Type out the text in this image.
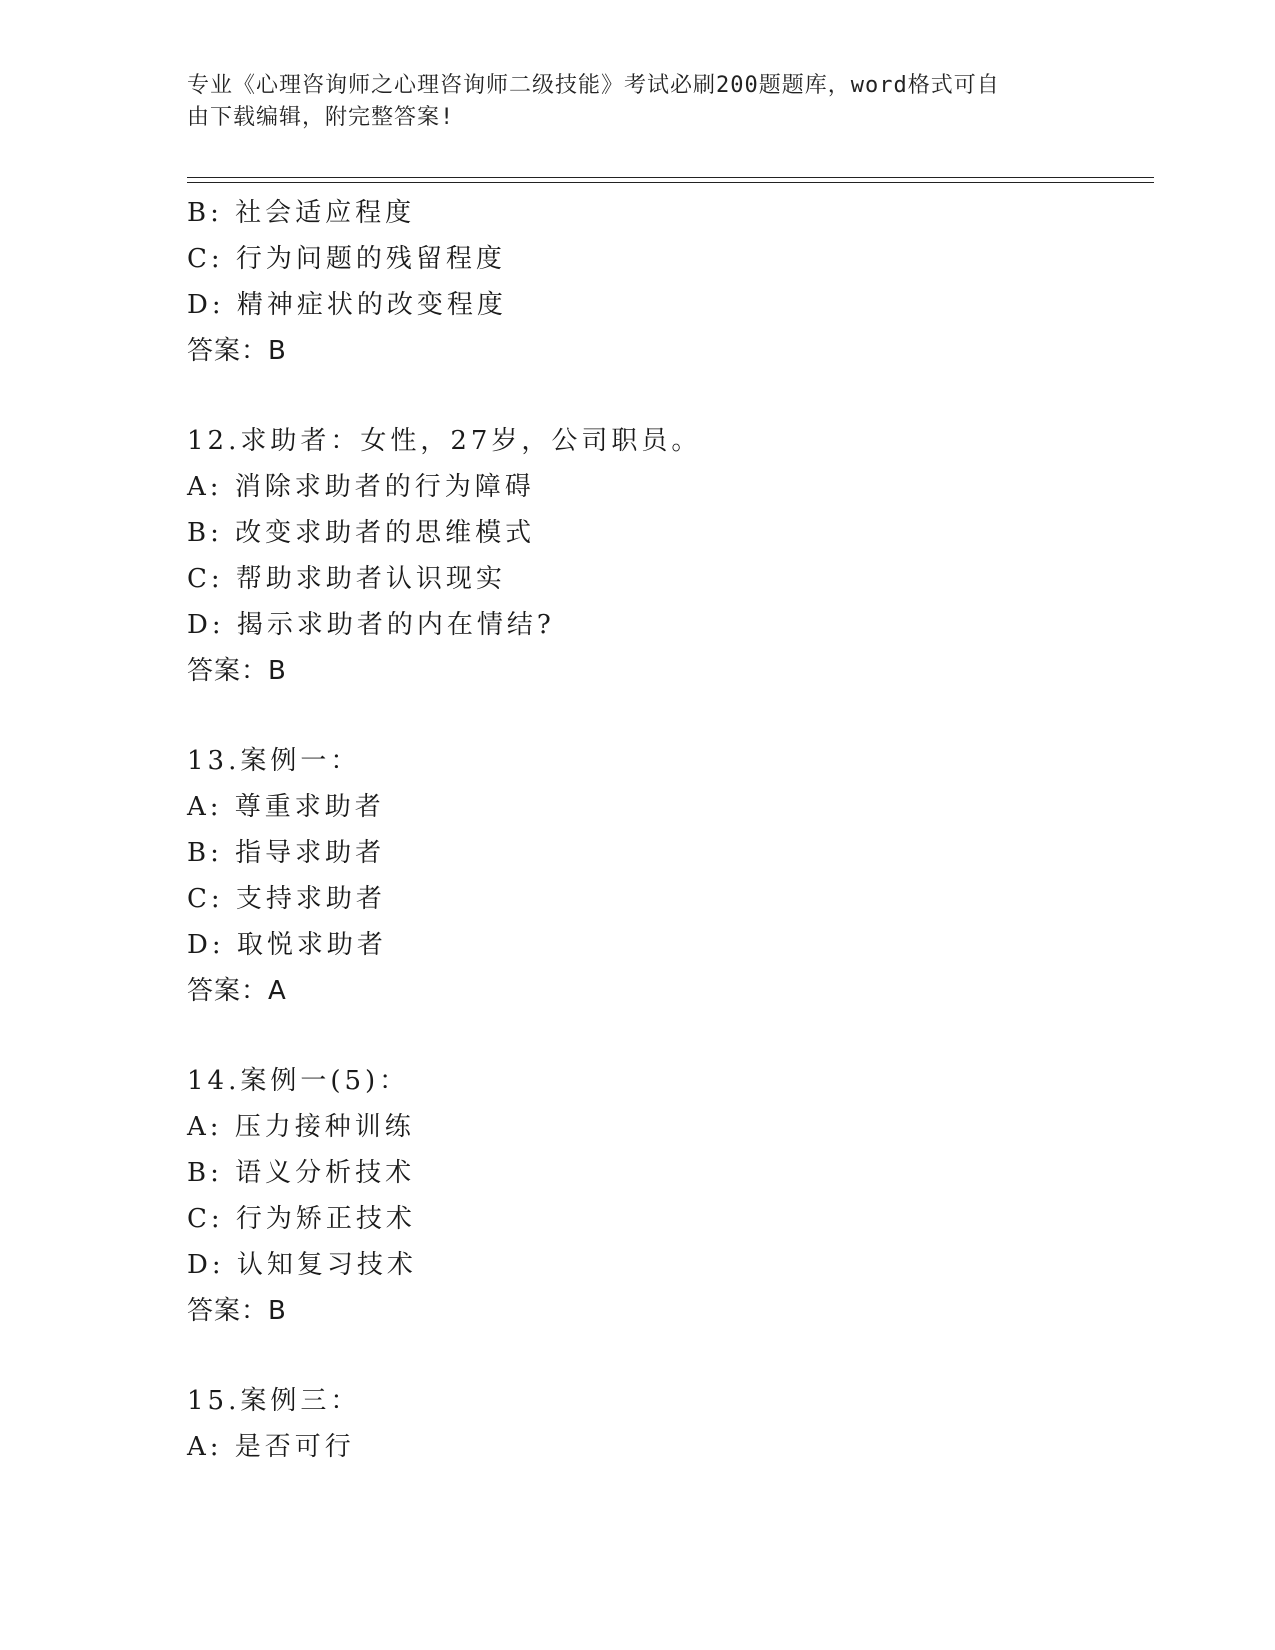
专业《心理咨询师之心理咨询师二级技能》考试必刷200题题库，word格式可自
由下载编辑，附完整答案!
B: 社会适应程度
C: 行为问题的残留程度
D: 精神症状的改变程度
答案：B
12.求助者：女性，27岁，公司职员。
A: 消除求助者的行为障碍
B: 改变求助者的思维模式
C: 帮助求助者认识现实
D: 揭示求助者的内在情结?
答案：B
13.案例一：
A: 尊重求助者
B: 指导求助者
C: 支持求助者
D: 取悦求助者
答案：A
14.案例一(5)：
A: 压力接种训练
B: 语义分析技术
C: 行为矫正技术
D: 认知复习技术
答案：B
15.案例三：
A: 是否可行
